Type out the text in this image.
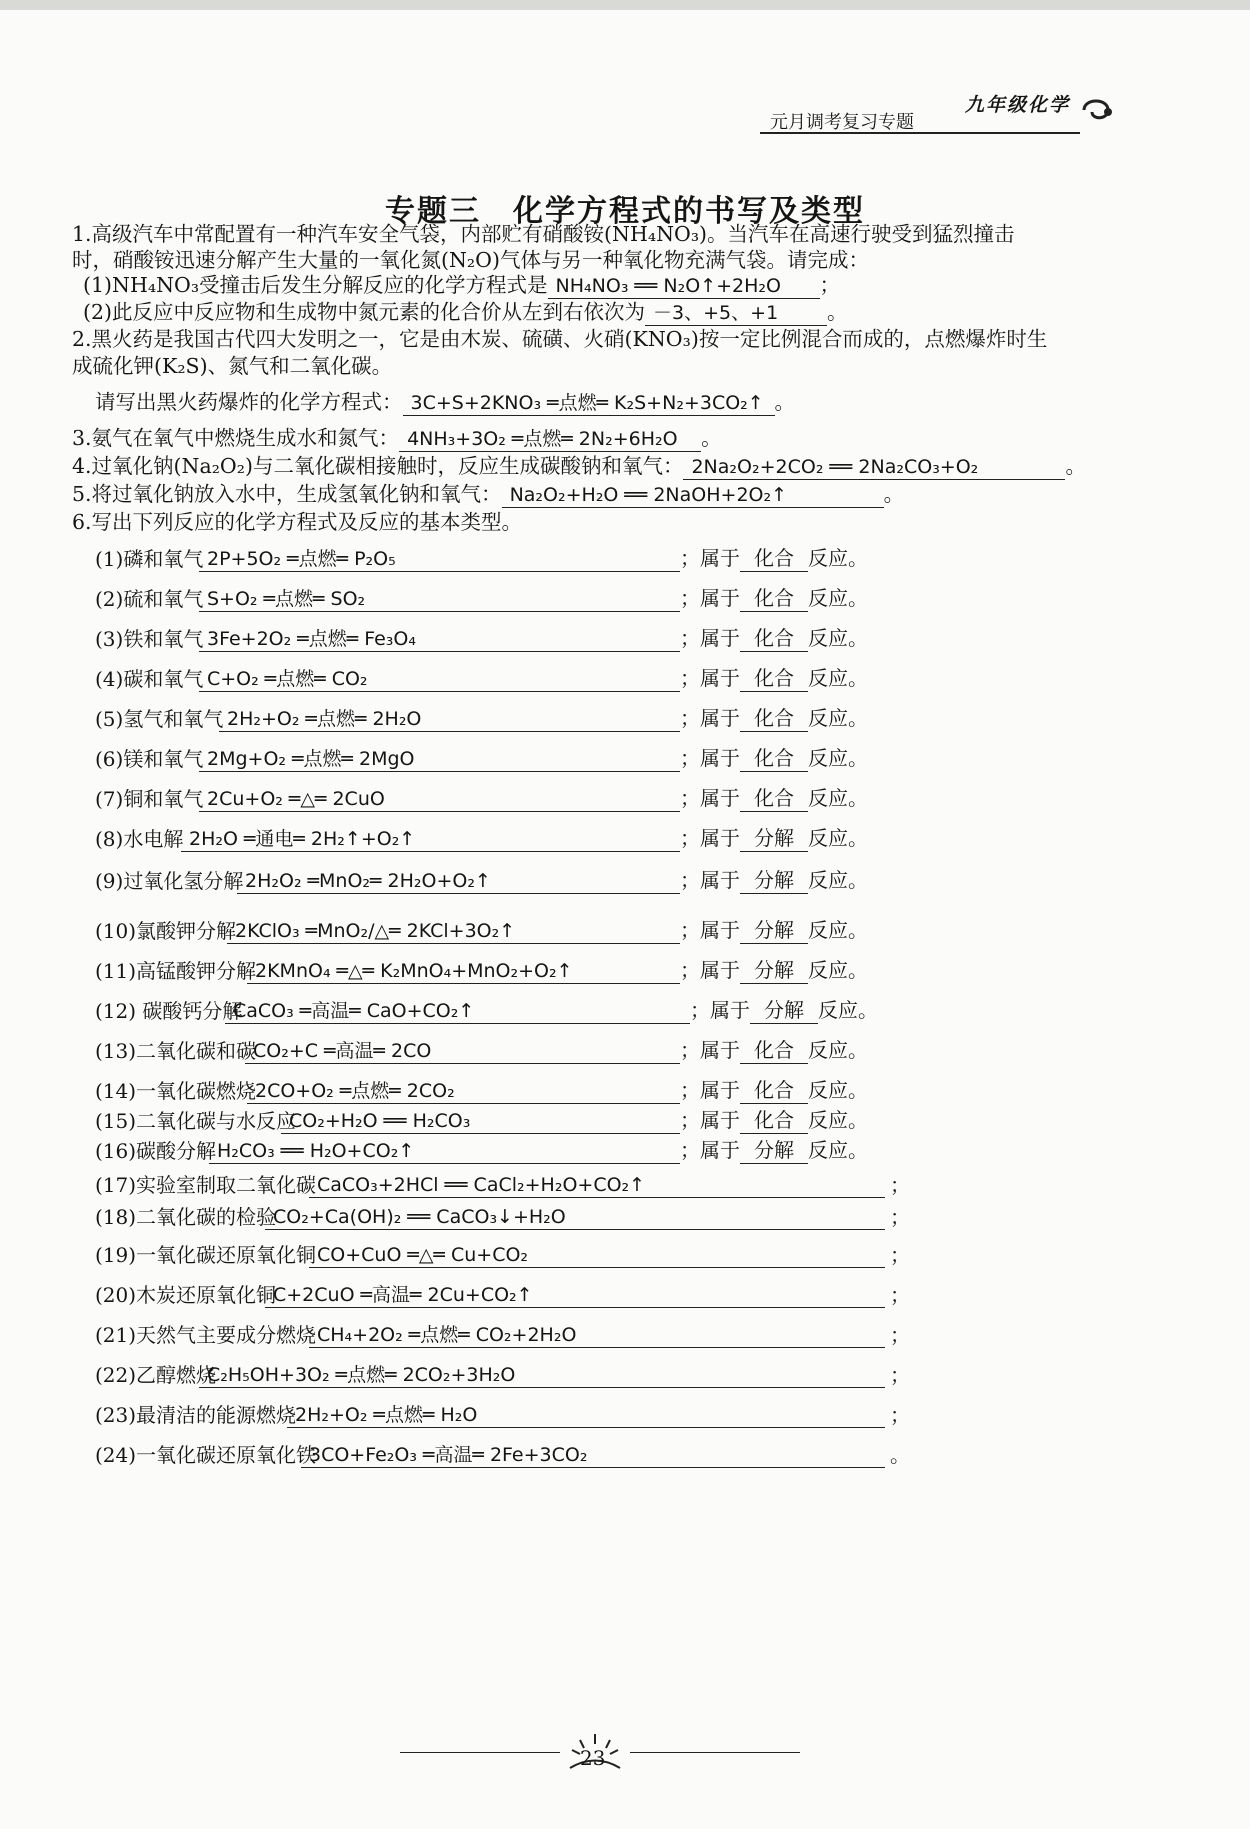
元月调考复习专题
九年级化学
专题三　化学方程式的书写及类型
1.高级汽车中常配置有一种汽车安全气袋，内部贮有硝酸铵(NH₄NO₃)。当汽车在高速行驶受到猛烈撞击
时，硝酸铵迅速分解产生大量的一氧化氮(N₂O)气体与另一种氧化物充满气袋。请完成：
(1)NH₄NO₃受撞击后发生分解反应的化学方程式是 NH₄NO₃ ══ N₂O↑+2H₂O ；
(2)此反应中反应物和生成物中氮元素的化合价从左到右依次为 －3、+5、+1 。
2.黑火药是我国古代四大发明之一，它是由木炭、硫磺、火硝(KNO₃)按一定比例混合而成的，点燃爆炸时生
成硫化钾(K₂S)、氮气和二氧化碳。
请写出黑火药爆炸的化学方程式： 3C+S+2KNO₃ ═点燃═ K₂S+N₂+3CO₂↑ 。
3.氨气在氧气中燃烧生成水和氮气： 4NH₃+3O₂ ═点燃═ 2N₂+6H₂O 。
4.过氧化钠(Na₂O₂)与二氧化碳相接触时，反应生成碳酸钠和氧气： 2Na₂O₂+2CO₂ ══ 2Na₂CO₃+O₂	。
5.将过氧化钠放入水中，生成氢氧化钠和氧气： Na₂O₂+H₂O ══ 2NaOH+2O₂↑	。
6.写出下列反应的化学方程式及反应的基本类型。
(1)磷和氧气 2P+5O₂ ═点燃═ P₂O₅	；属于 化合 反应。
(2)硫和氧气 S+O₂ ═点燃═ SO₂	；属于 化合 反应。
(3)铁和氧气 3Fe+2O₂ ═点燃═ Fe₃O₄	；属于 化合 反应。
(4)碳和氧气 C+O₂ ═点燃═ CO₂	；属于 化合 反应。
(5)氢气和氧气 2H₂+O₂ ═点燃═ 2H₂O	；属于 化合 反应。
(6)镁和氧气 2Mg+O₂ ═点燃═ 2MgO	；属于 化合 反应。
(7)铜和氧气 2Cu+O₂ ═△═ 2CuO	；属于 化合 反应。
(8)水电解 2H₂O ═通电═ 2H₂↑+O₂↑	；属于 分解 反应。
(9)过氧化氢分解 2H₂O₂ ═MnO₂═ 2H₂O+O₂↑	；属于 分解 反应。
(10)氯酸钾分解
2KClO₃ ═MnO₂/△═ 2KCl+3O₂↑	；属于 分解 反应。
(11)高锰酸钾分解
2KMnO₄ ═△═ K₂MnO₄+MnO₂+O₂↑	；属于 分解 反应。
(12) 碳酸钙分解
CaCO₃ ═高温═ CaO+CO₂↑	；属于 分解 反应。
(13)二氧化碳和碳
CO₂+C ═高温═ 2CO	；属于 化合 反应。
(14)一氧化碳燃烧
2CO+O₂ ═点燃═ 2CO₂	；属于 化合 反应。
(15)二氧化碳与水反应
CO₂+H₂O ══ H₂CO₃	；属于 化合 反应。
(16)碳酸分解 H₂CO₃ ══ H₂O+CO₂↑	；属于 分解 反应。
(17)实验室制取二氧化碳 CaCO₃+2HCl ══ CaCl₂+H₂O+CO₂↑	；
(18)二氧化碳的检验
CO₂+Ca(OH)₂ ══ CaCO₃↓+H₂O	；
(19)一氧化碳还原氧化铜 CO+CuO ═△═ Cu+CO₂	；
(20)木炭还原氧化铜
C+2CuO ═高温═ 2Cu+CO₂↑	；
(21)天然气主要成分燃烧 CH₄+2O₂ ═点燃═ CO₂+2H₂O	；
(22)乙醇燃烧
C₂H₅OH+3O₂ ═点燃═ 2CO₂+3H₂O	；
(23)最清洁的能源燃烧
2H₂+O₂ ═点燃═ H₂O	；
(24)一氧化碳还原氧化铁
3CO+Fe₂O₃ ═高温═ 2Fe+3CO₂	。
23
